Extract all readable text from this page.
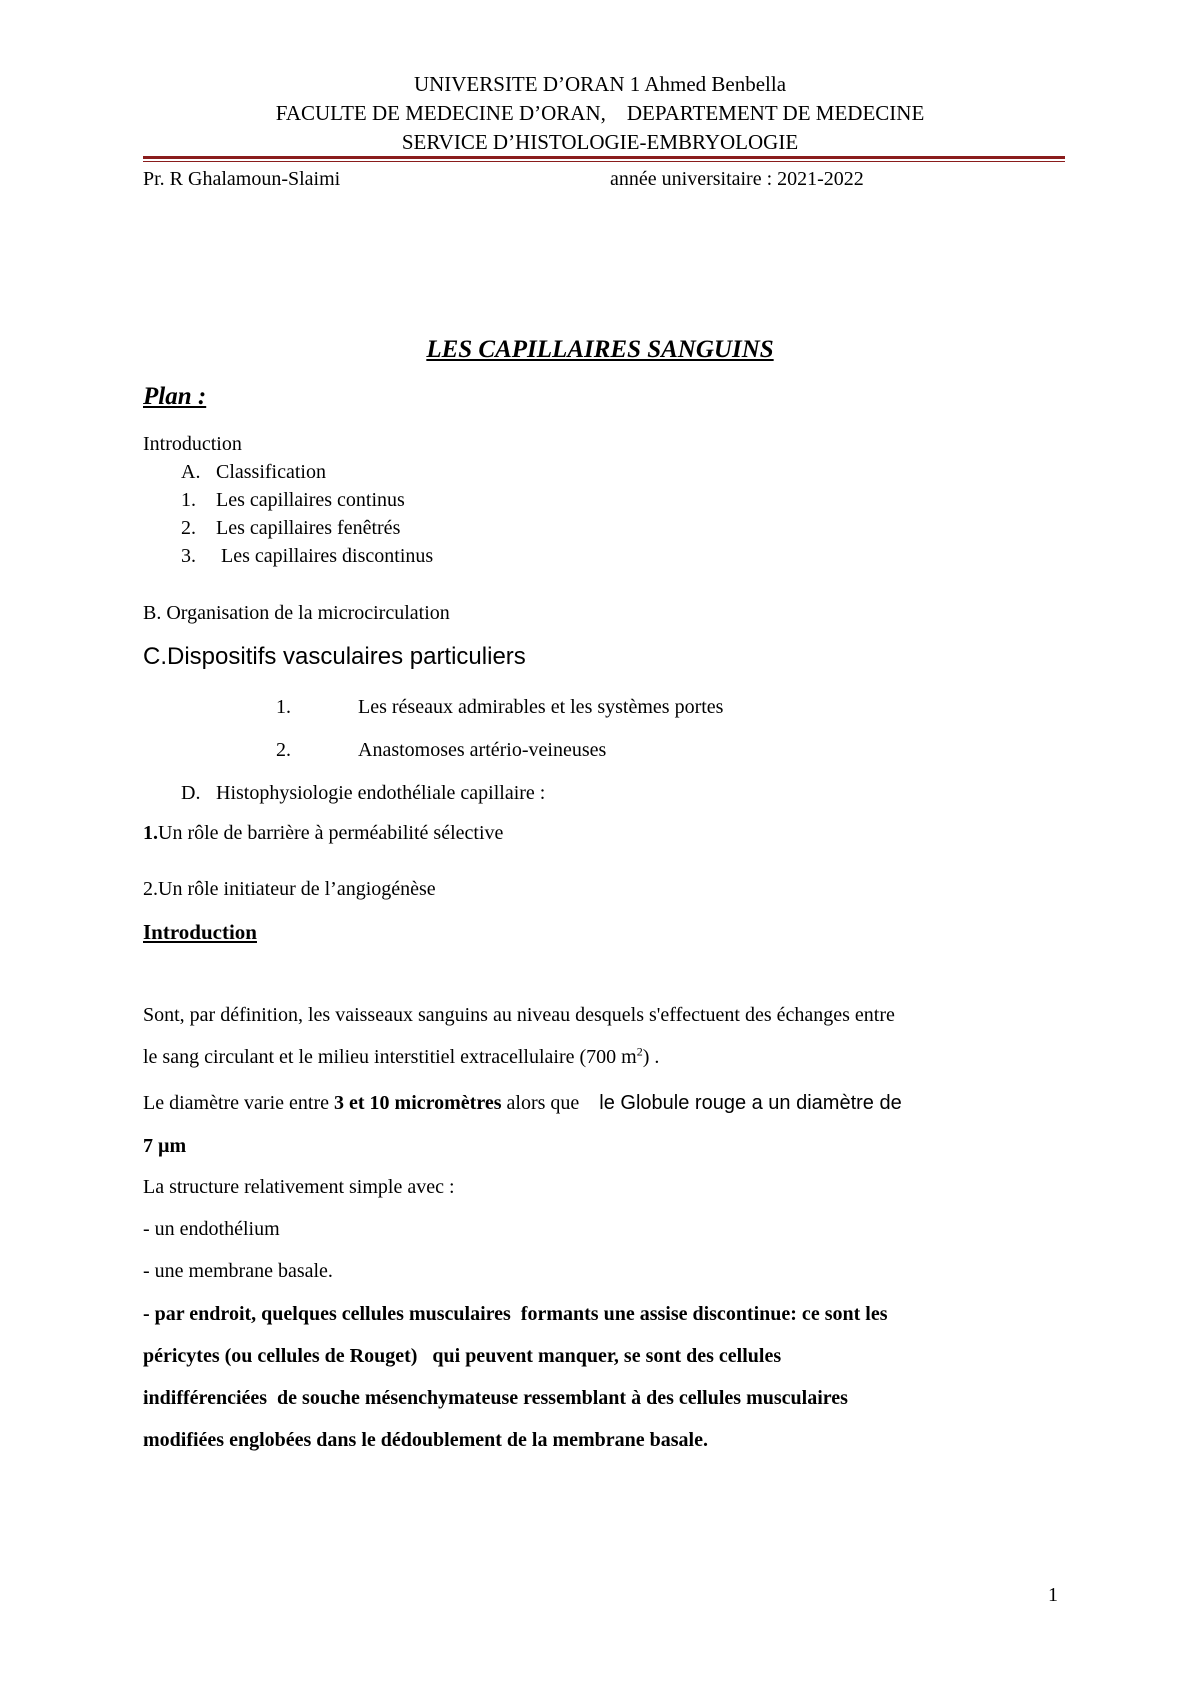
UNIVERSITE D’ORAN 1 Ahmed Benbella
FACULTE DE MEDECINE D’ORAN,    DEPARTEMENT DE MEDECINE
SERVICE D’HISTOLOGIE-EMBRYOLOGIE
Pr. R Ghalamoun-Slaimi	année universitaire : 2021-2022
LES CAPILLAIRES SANGUINS
Plan :
Introduction
A. Classification
1. Les capillaires continus
2. Les capillaires fenêtrés
3. Les capillaires discontinus
B. Organisation de la microcirculation
C.Dispositifs vasculaires particuliers
1.	Les réseaux admirables et les systèmes portes
2.	Anastomoses artério-veineuses
D. Histophysiologie endothéliale capillaire :
1.Un rôle de barrière à perméabilité sélective
2.Un rôle initiateur de l’angiogénèse
Introduction
Sont, par définition, les vaisseaux sanguins au niveau desquels s'effectuent des échanges entre
le sang circulant et le milieu interstitiel extracellulaire (700 $m^2$) .
Le diamètre varie entre 3 et 10 micromètres alors que    le Globule rouge a un diamètre de
7 µm
La structure relativement simple avec :
- un endothélium
- une membrane basale.
- par endroit, quelques cellules musculaires  formants une assise discontinue: ce sont les
péricytes (ou cellules de Rouget)   qui peuvent manquer, se sont des cellules
indifférenciées  de souche mésenchymateuse ressemblant à des cellules musculaires
modifiées englobées dans le dédoublement de la membrane basale.
1
